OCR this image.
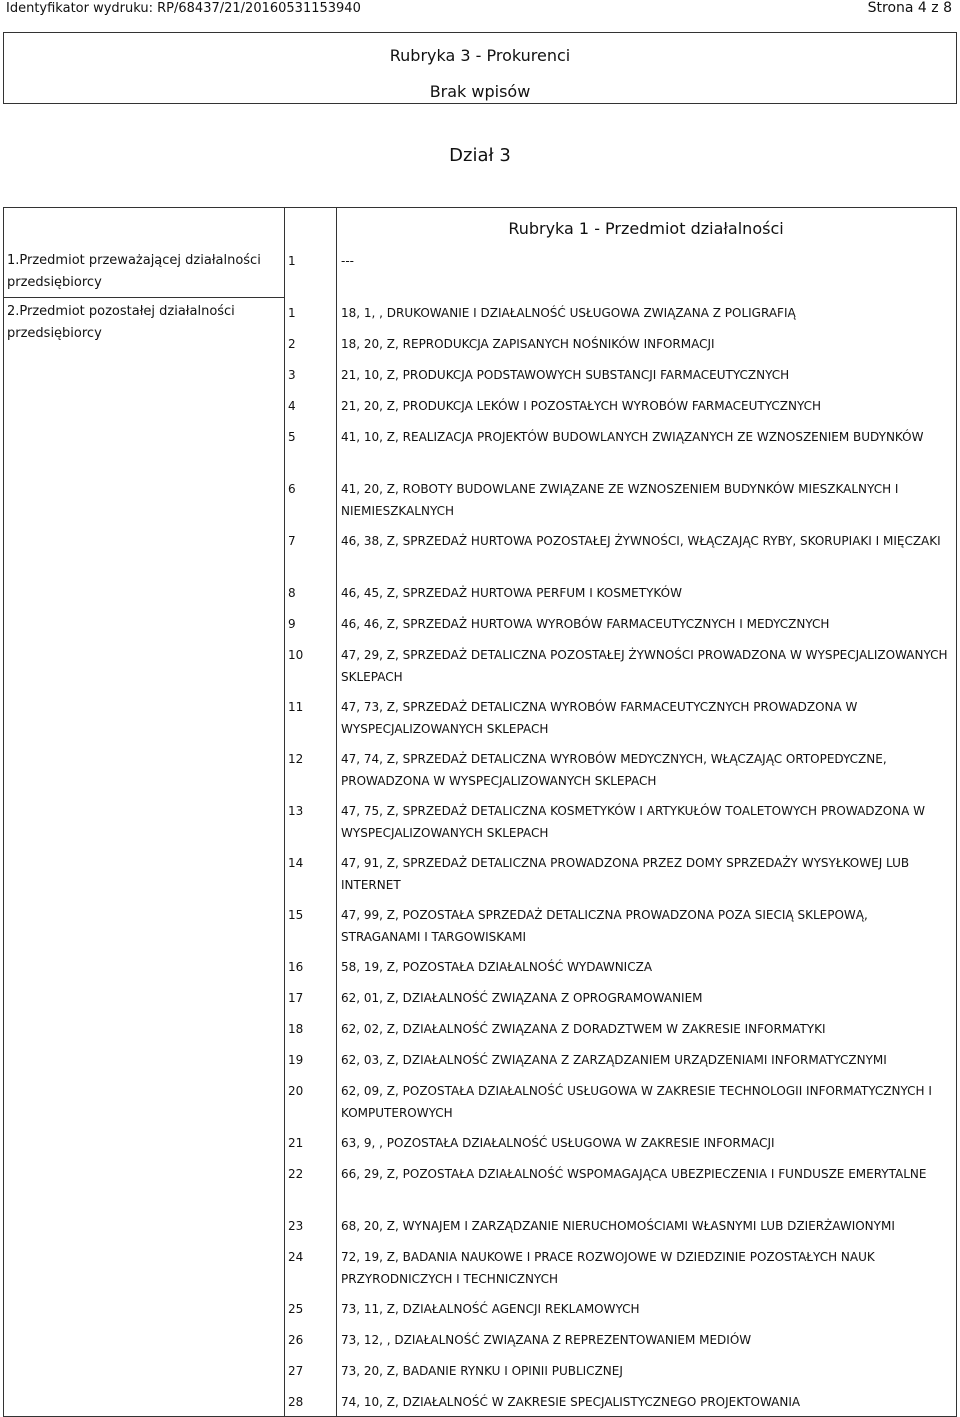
Identyfikator wydruku: RP/68437/21/20160531153940	Strona 4 z 8
Rubryka 3 - Prokurenci
Brak wpisów
Dział 3
Rubryka 1 - Przedmiot działalności
1.Przedmiot przeważającej działalności przedsiębiorcy
2.Przedmiot pozostałej działalności przedsiębiorcy
1	---
1	18, 1, , DRUKOWANIE I DZIAŁALNOŚĆ USŁUGOWA ZWIĄZANA Z POLIGRAFIĄ
2	18, 20, Z, REPRODUKCJA ZAPISANYCH NOŚNIKÓW INFORMACJI
3	21, 10, Z, PRODUKCJA PODSTAWOWYCH SUBSTANCJI FARMACEUTYCZNYCH
4	21, 20, Z, PRODUKCJA LEKÓW I POZOSTAŁYCH WYROBÓW FARMACEUTYCZNYCH
5	41, 10, Z, REALIZACJA PROJEKTÓW BUDOWLANYCH ZWIĄZANYCH ZE WZNOSZENIEM BUDYNKÓW
6	41, 20, Z, ROBOTY BUDOWLANE ZWIĄZANE ZE WZNOSZENIEM BUDYNKÓW MIESZKALNYCH I NIEMIESZKALNYCH
7	46, 38, Z, SPRZEDAŻ HURTOWA POZOSTAŁEJ ŻYWNOŚCI, WŁĄCZAJĄC RYBY, SKORUPIAKI I MIĘCZAKI
8	46, 45, Z, SPRZEDAŻ HURTOWA PERFUM I KOSMETYKÓW
9	46, 46, Z, SPRZEDAŻ HURTOWA WYROBÓW FARMACEUTYCZNYCH I MEDYCZNYCH
10	47, 29, Z, SPRZEDAŻ DETALICZNA POZOSTAŁEJ ŻYWNOŚCI PROWADZONA W WYSPECJALIZOWANYCH SKLEPACH
11	47, 73, Z, SPRZEDAŻ DETALICZNA WYROBÓW FARMACEUTYCZNYCH PROWADZONA W WYSPECJALIZOWANYCH SKLEPACH
12	47, 74, Z, SPRZEDAŻ DETALICZNA WYROBÓW MEDYCZNYCH, WŁĄCZAJĄC ORTOPEDYCZNE, PROWADZONA W WYSPECJALIZOWANYCH SKLEPACH
13	47, 75, Z, SPRZEDAŻ DETALICZNA KOSMETYKÓW I ARTYKUŁÓW TOALETOWYCH PROWADZONA W WYSPECJALIZOWANYCH SKLEPACH
14	47, 91, Z, SPRZEDAŻ DETALICZNA PROWADZONA PRZEZ DOMY SPRZEDAŻY WYSYŁKOWEJ LUB INTERNET
15	47, 99, Z, POZOSTAŁA SPRZEDAŻ DETALICZNA PROWADZONA POZA SIECIĄ SKLEPOWĄ, STRAGANAMI I TARGOWISKAMI
16	58, 19, Z, POZOSTAŁA DZIAŁALNOŚĆ WYDAWNICZA
17	62, 01, Z, DZIAŁALNOŚĆ ZWIĄZANA Z OPROGRAMOWANIEM
18	62, 02, Z, DZIAŁALNOŚĆ ZWIĄZANA Z DORADZTWEM W ZAKRESIE INFORMATYKI
19	62, 03, Z, DZIAŁALNOŚĆ ZWIĄZANA Z ZARZĄDZANIEM URZĄDZENIAMI INFORMATYCZNYMI
20	62, 09, Z, POZOSTAŁA DZIAŁALNOŚĆ USŁUGOWA W ZAKRESIE TECHNOLOGII INFORMATYCZNYCH I KOMPUTEROWYCH
21	63, 9, , POZOSTAŁA DZIAŁALNOŚĆ USŁUGOWA W ZAKRESIE INFORMACJI
22	66, 29, Z, POZOSTAŁA DZIAŁALNOŚĆ WSPOMAGAJĄCA UBEZPIECZENIA I FUNDUSZE EMERYTALNE
23	68, 20, Z, WYNAJEM I ZARZĄDZANIE NIERUCHOMOŚCIAMI WŁASNYMI LUB DZIERŻAWIONYMI
24	72, 19, Z, BADANIA NAUKOWE I PRACE ROZWOJOWE W DZIEDZINIE POZOSTAŁYCH NAUK PRZYRODNICZYCH I TECHNICZNYCH
25	73, 11, Z, DZIAŁALNOŚĆ AGENCJI REKLAMOWYCH
26	73, 12, , DZIAŁALNOŚĆ ZWIĄZANA Z REPREZENTOWANIEM MEDIÓW
27	73, 20, Z, BADANIE RYNKU I OPINII PUBLICZNEJ
28	74, 10, Z, DZIAŁALNOŚĆ W ZAKRESIE SPECJALISTYCZNEGO PROJEKTOWANIA
